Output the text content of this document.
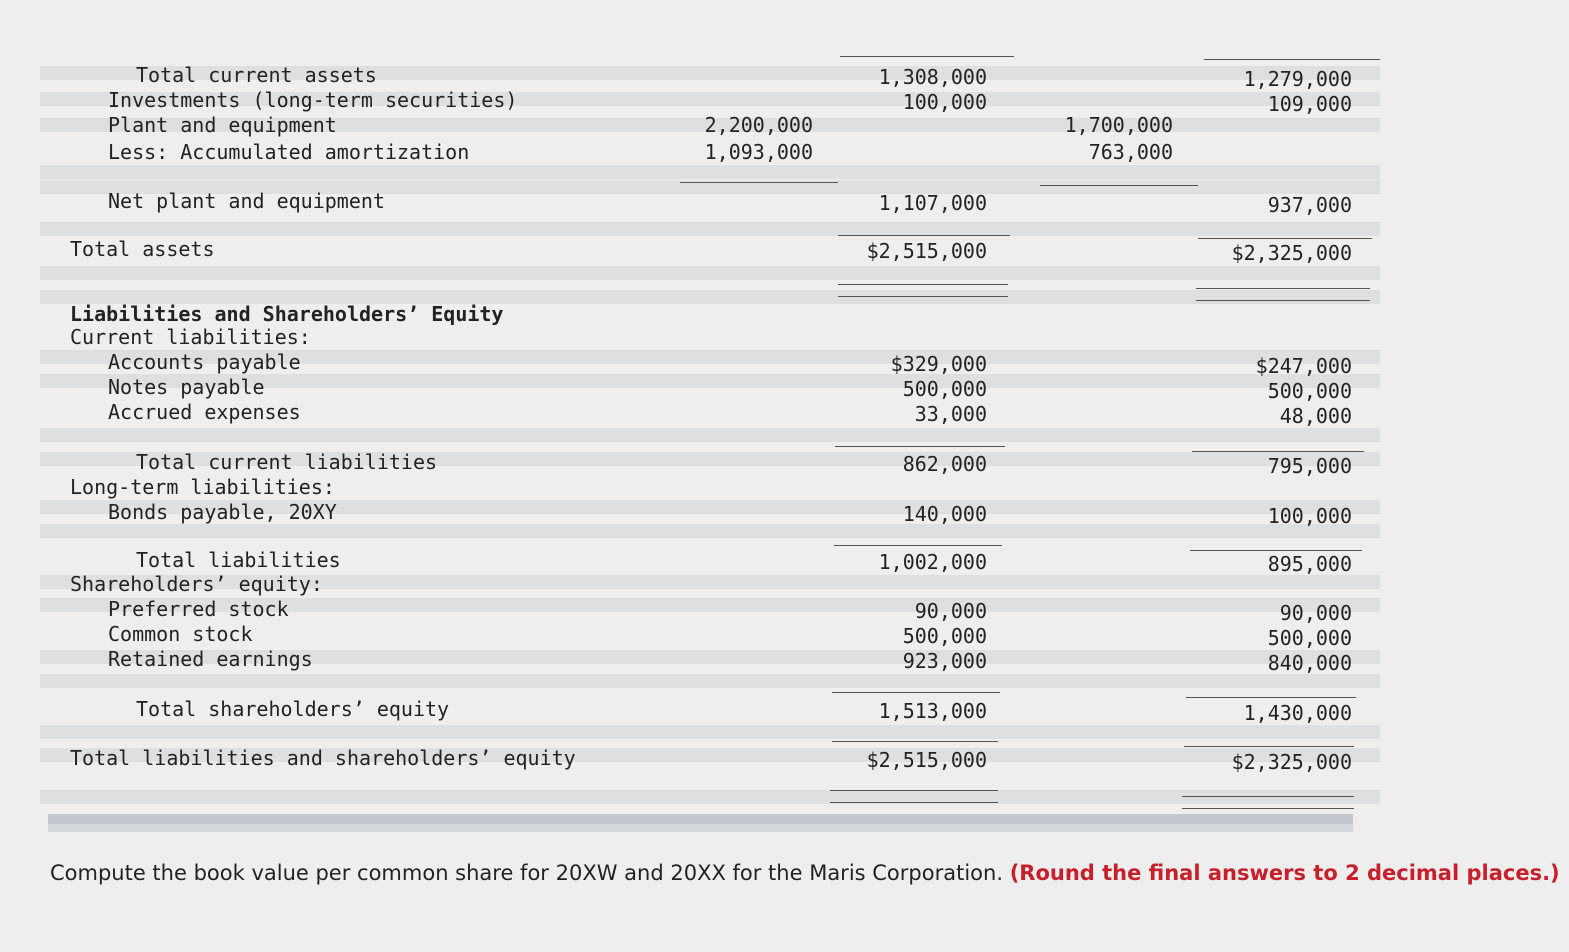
Total current assets	1,308,000	1,279,000
Investments (long-term securities)	100,000	109,000
Plant and equipment	2,200,000	1,700,000
Less: Accumulated amortization	1,093,000	763,000
Net plant and equipment	1,107,000	937,000
Total assets	$2,515,000	$2,325,000
Liabilities and Shareholders’ Equity
Current liabilities:
Accounts payable	$329,000	$247,000
Notes payable	500,000	500,000
Accrued expenses	33,000	48,000
Total current liabilities	862,000	795,000
Long-term liabilities:
Bonds payable, 20XY	140,000	100,000
Total liabilities	1,002,000	895,000
Shareholders’ equity:
Preferred stock	90,000	90,000
Common stock	500,000	500,000
Retained earnings	923,000	840,000
Total shareholders’ equity	1,513,000	1,430,000
Total liabilities and shareholders’ equity	$2,515,000	$2,325,000
Compute the book value per common share for 20XW and 20XX for the Maris Corporation. (Round the final answers to 2 decimal places.)
